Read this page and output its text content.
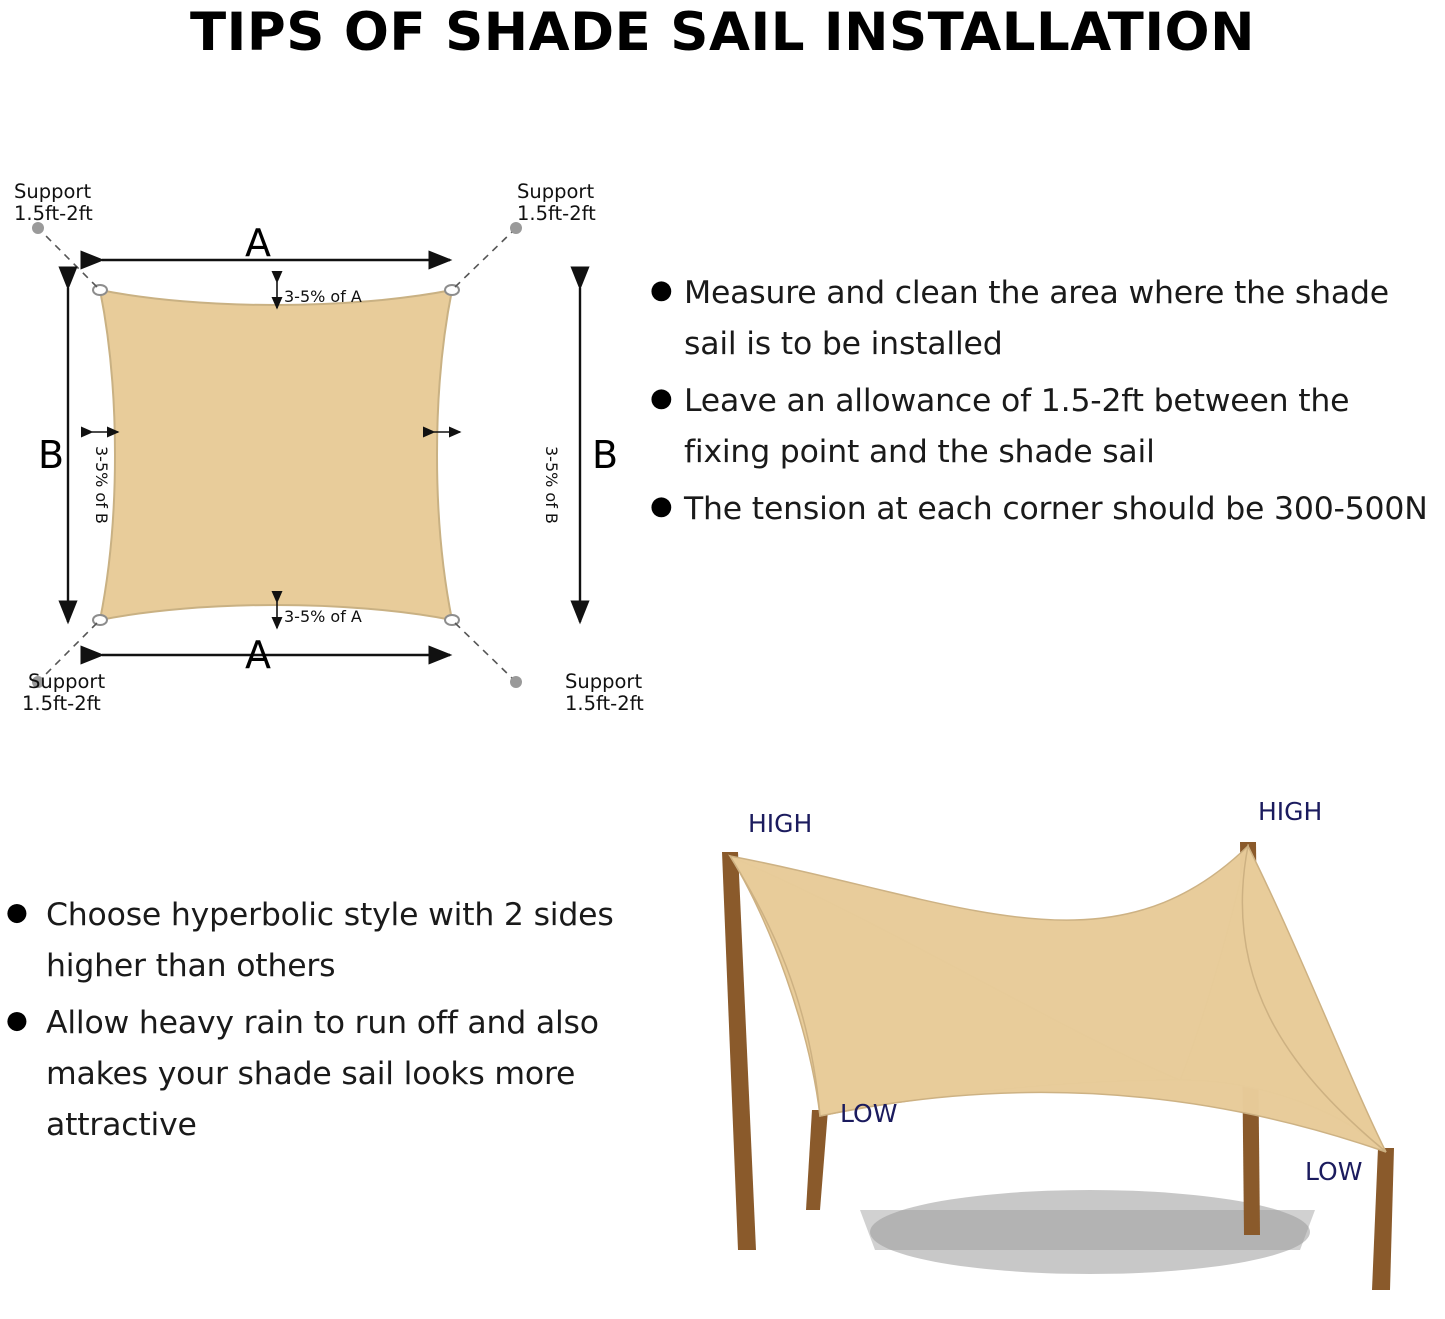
TIPS OF SHADE SAIL INSTALLATION
Support
1.5ft-2ft
Support
1.5ft-2ft
Support
1.5ft-2ft
Support
1.5ft-2ft
A
3-5% of A
A
3-5% of A
B 3-5% of B	B
3-5% of B
● Measure and clean the area where the shade sail is to be installed
● Leave an allowance of 1.5-2ft between the fixing point and the shade sail
● The tension at each corner should be 300-500N
● Choose hyperbolic style with 2 sides higher than others
● Allow heavy rain to run off and also makes your shade sail looks more attractive
HIGH	HIGH
LOW
LOW
